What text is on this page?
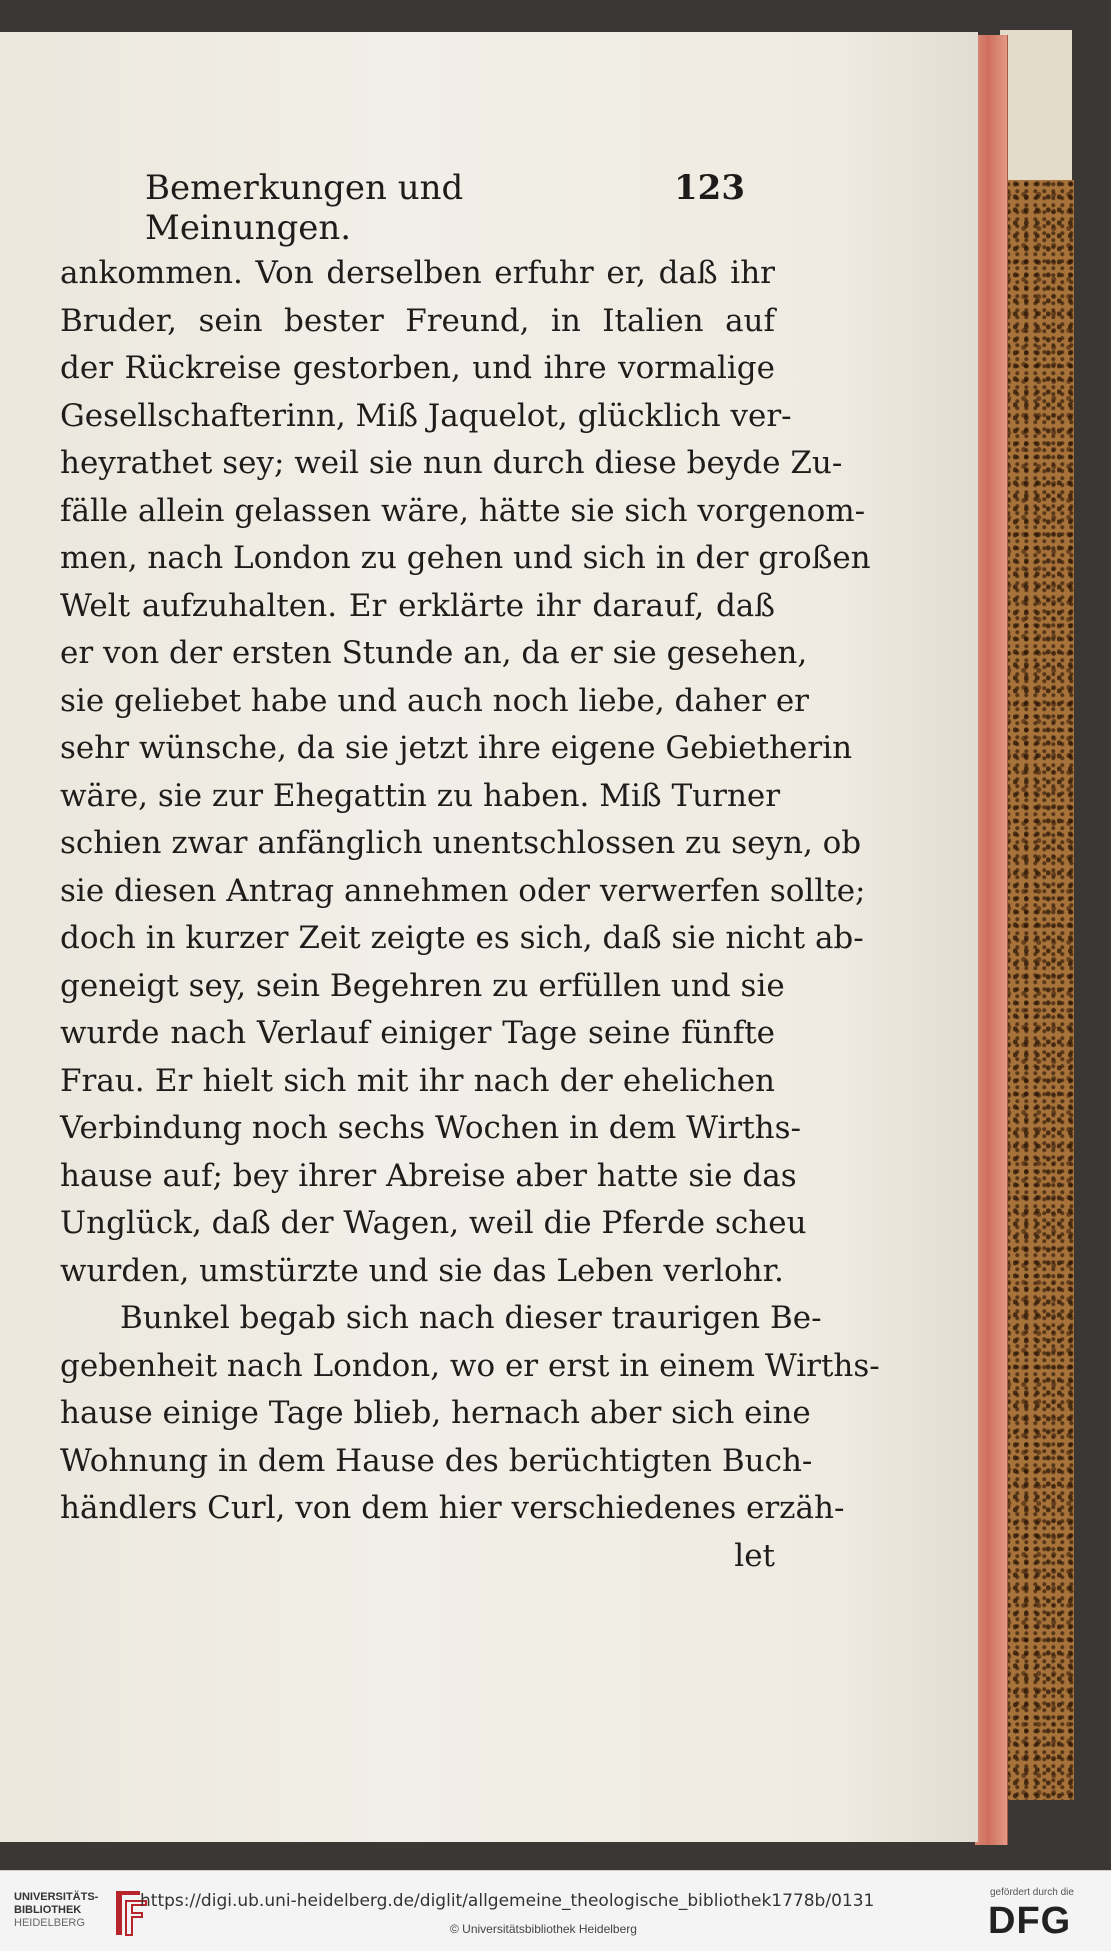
Bemerkungen und Meinungen.
123
ankommen. Von derselben erfuhr er, daß ihr
Bruder, sein bester Freund, in Italien auf
der Rückreise gestorben, und ihre vormalige
Gesellschafterinn, Miß Jaquelot, glücklich ver-
heyrathet sey; weil sie nun durch diese beyde Zu-
fälle allein gelassen wäre, hätte sie sich vorgenom-
men, nach London zu gehen und sich in der großen
Welt aufzuhalten. Er erklärte ihr darauf, daß
er von der ersten Stunde an, da er sie gesehen,
sie geliebet habe und auch noch liebe, daher er
sehr wünsche, da sie jetzt ihre eigene Gebietherin
wäre, sie zur Ehegattin zu haben. Miß Turner
schien zwar anfänglich unentschlossen zu seyn, ob
sie diesen Antrag annehmen oder verwerfen sollte;
doch in kurzer Zeit zeigte es sich, daß sie nicht ab-
geneigt sey, sein Begehren zu erfüllen und sie
wurde nach Verlauf einiger Tage seine fünfte
Frau. Er hielt sich mit ihr nach der ehelichen
Verbindung noch sechs Wochen in dem Wirths-
hause auf; bey ihrer Abreise aber hatte sie das
Unglück, daß der Wagen, weil die Pferde scheu
wurden, umstürzte und sie das Leben verlohr.
Bunkel begab sich nach dieser traurigen Be-
gebenheit nach London, wo er erst in einem Wirths-
hause einige Tage blieb, hernach aber sich eine
Wohnung in dem Hause des berüchtigten Buch-
händlers Curl, von dem hier verschiedenes erzäh-
let
UNIVERSITÄTS-
BIBLIOTHEK
HEIDELBERG
https://digi.ub.uni-heidelberg.de/diglit/allgemeine_theologische_bibliothek1778b/0131
© Universitätsbibliothek Heidelberg
gefördert durch die
DFG
